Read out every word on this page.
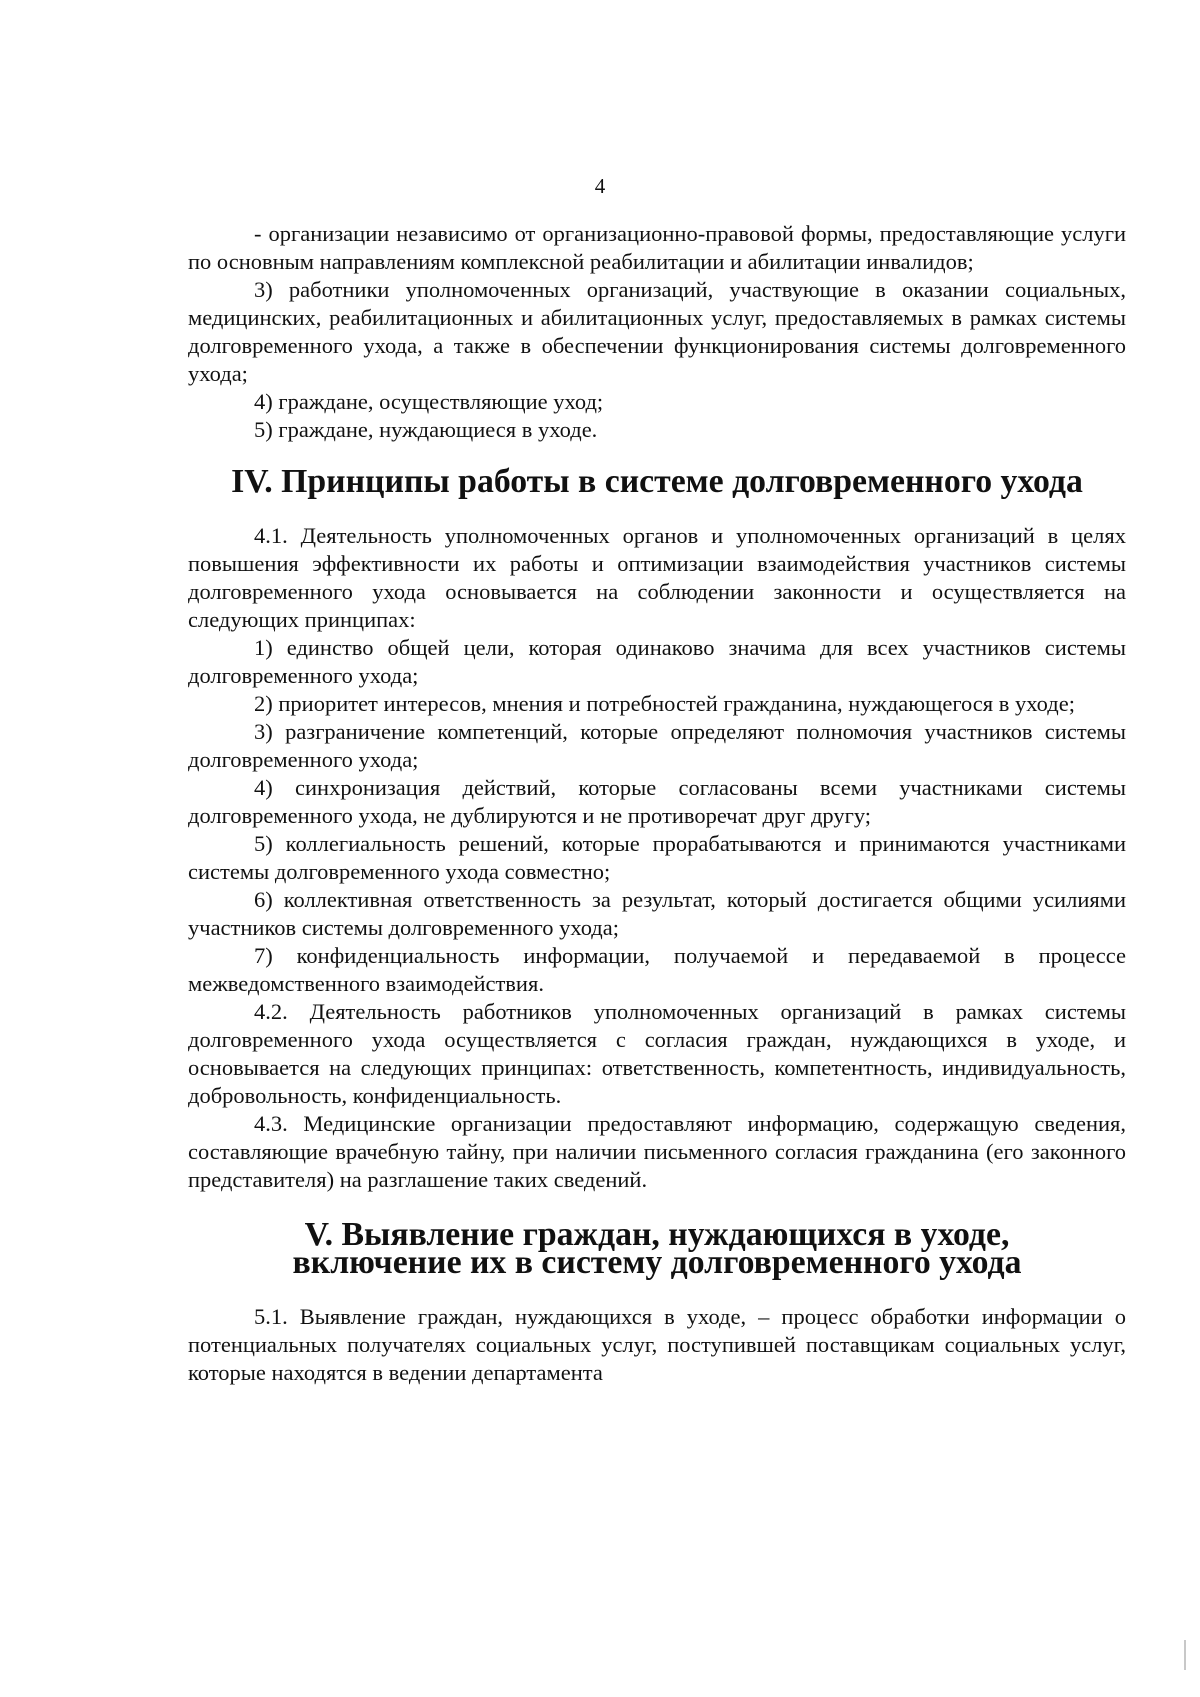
4

- организации независимо от организационно-правовой формы, предоставляющие услуги по основным направлениям комплексной реабилитации и абилитации инвалидов;

3) работники уполномоченных организаций, участвующие в оказании социальных, медицинских, реабилитационных и абилитационных услуг, предоставляемых в рамках системы долговременного ухода, а также в обеспечении функционирования системы долговременного ухода;

4) граждане, осуществляющие уход;

5) граждане, нуждающиеся в уходе.

IV. Принципы работы в системе долговременного ухода

4.1. Деятельность уполномоченных органов и уполномоченных организаций в целях повышения эффективности их работы и оптимизации взаимодействия участников системы долговременного ухода основывается на соблюдении законности и осуществляется на следующих принципах:

1) единство общей цели, которая одинаково значима для всех участников системы долговременного ухода;

2) приоритет интересов, мнения и потребностей гражданина, нуждающегося в уходе;

3) разграничение компетенций, которые определяют полномочия участников системы долговременного ухода;

4) синхронизация действий, которые согласованы всеми участниками системы долговременного ухода, не дублируются и не противоречат друг другу;

5) коллегиальность решений, которые прорабатываются и принимаются участниками системы долговременного ухода совместно;

6) коллективная ответственность за результат, который достигается общими усилиями участников системы долговременного ухода;

7) конфиденциальность информации, получаемой и передаваемой в процессе межведомственного взаимодействия.

4.2. Деятельность работников уполномоченных организаций в рамках системы долговременного ухода осуществляется с согласия граждан, нуждающихся в уходе, и основывается на следующих принципах: ответственность, компетентность, индивидуальность, добровольность, конфиденциальность.

4.3. Медицинские организации предоставляют информацию, содержащую сведения, составляющие врачебную тайну, при наличии письменного согласия гражданина (его законного представителя) на разглашение таких сведений.

V. Выявление граждан, нуждающихся в уходе,
включение их в систему долговременного ухода

5.1. Выявление граждан, нуждающихся в уходе, – процесс обработки информации о потенциальных получателях социальных услуг, поступившей поставщикам социальных услуг, которые находятся в ведении департамента
